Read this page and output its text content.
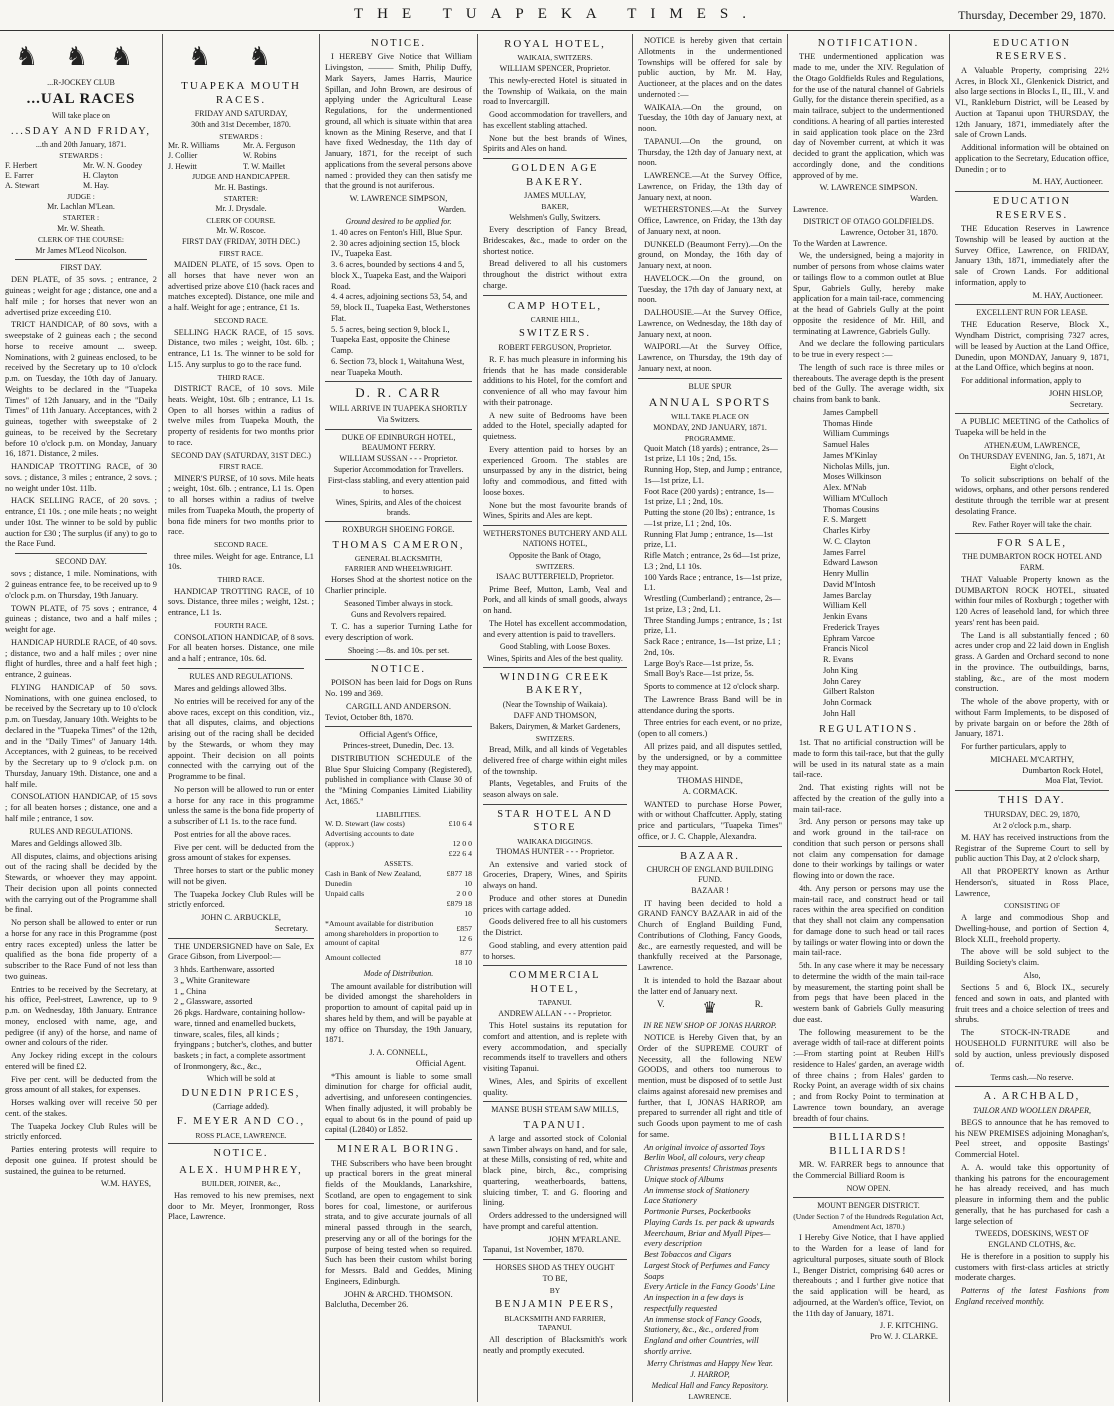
THE TUAPEKA TIMES.	Thursday, December 29, 1870.
♞ ♞ ♞
...R-JOCKEY CLUB
...UAL RACES
Will take place on
...SDAY AND FRIDAY,
...th and 20th January, 1871.
STEWARDS :
F. Herbert	Mr. W. N. Goodey
E. Farrer	H. Clayton
A. Stewart	M. Hay.
JUDGE :
Mr. Lachlan M'Lean.
STARTER :
Mr. W. Sheath.
CLERK OF THE COURSE:
Mr James M'Leod Nicolson.
FIRST DAY.

DEN PLATE, of 35 sovs. ; entrance, 2 guineas ; weight for age ; distance, one and a half mile ; for horses that never won an advertised prize exceeding £10.

TRICT HANDICAP, of 80 sovs, with a sweepstake of 2 guineas each ; the second horse to receive amount ... sweep. Nominations, with 2 guineas enclosed, to be received by the Secretary up to 10 o'clock p.m. on Tuesday, the 10th day of January. Weights to be declared in the "Tuapeka Times" of 12th January, and in the "Daily Times" of 11th January. Acceptances, with 2 guineas, together with sweepstake of 2 guineas, to be received by the Secretary before 10 o'clock p.m. on Monday, January 16, 1871. Distance, 2 miles.

HANDICAP TROTTING RACE, of 30 sovs. ; distance, 3 miles ; entrance, 2 sovs. ; no weight under 10st. 11lb.

HACK SELLING RACE, of 20 sovs. ; entrance, £1 10s. ; one mile heats ; no weight under 10st. The winner to be sold by public auction for £30 ; The surplus (if any) to go to the Race Fund.

SECOND DAY.

sovs ; distance, 1 mile. Nominations, with 2 guineas entrance fee, to be received up to 9 o'clock p.m. on Thursday, 19th January.

TOWN PLATE, of 75 sovs ; entrance, 4 guineas ; distance, two and a half miles ; weight for age.

HANDICAP HURDLE RACE, of 40 sovs. ; distance, two and a half miles ; over nine flight of hurdles, three and a half feet high ; entrance, 2 guineas.

FLYING HANDICAP of 50 sovs. Nominations, with one guinea enclosed, to be received by the Secretary up to 10 o'clock p.m. on Tuesday, January 10th. Weights to be declared in the "Tuapeka Times" of the 12th, and in the "Daily Times" of January 14th. Acceptances, with 2 guineas, to be received by the Secretary up to 9 o'clock p.m. on Thursday, January 19th. Distance, one and a half mile.

CONSOLATION HANDICAP, of 15 sovs ; for all beaten horses ; distance, one and a half mile ; entrance, 1 sov.

RULES AND REGULATIONS.

Mares and Geldings allowed 3lb.

All disputes, claims, and objections arising out of the racing shall be decided by the Stewards, or whoever they may appoint. Their decision upon all points connected with the carrying out of the Programme shall be final.

No person shall be allowed to enter or run a horse for any race in this Programme (post entry races excepted) unless the latter be qualified as the bona fide property of a subscriber to the Race Fund of not less than two guineas.

Entries to be received by the Secretary, at his office, Peel-street, Lawrence, up to 9 p.m. on Wednesday, 18th January. Entrance money, enclosed with name, age, and pedigree (if any) of the horse, and name of owner and colours of the rider.

Any Jockey riding except in the colours entered will be fined £2.

Five per cent. will be deducted from the gross amount of all stakes, for expenses.

Horses walking over will receive 50 per cent. of the stakes.

The Tuapeka Jockey Club Rules will be strictly enforced.

Parties entering protests will require to deposit one guinea. If protest should be sustained, the guinea to be returned.

W.M. HAYES,
♞ ♞
TUAPEKA MOUTH RACES.
FRIDAY AND SATURDAY,
30th and 31st December, 1870.
STEWARDS :
Mr. R. Williams	Mr. A. Ferguson
J. Collier	W. Robins
J. Hewitt	T. W. Maillet
JUDGE AND HANDICAPPER.
Mr. H. Bastings.
STARTER:
Mr. J. Drysdale.
CLERK OF COURSE.
Mr. W. Roscoe.
FIRST DAY (FRIDAY, 30TH DEC.)
FIRST RACE.

MAIDEN PLATE, of 15 sovs. Open to all horses that have never won an advertised prize above £10 (hack races and matches excepted). Distance, one mile and a half. Weight for age ; entrance, £1 1s.

SECOND RACE.

SELLING HACK RACE, of 15 sovs. Distance, two miles ; weight, 10st. 6lb. ; entrance, L1 1s. The winner to be sold for L15. Any surplus to go to the race fund.

THIRD RACE.

DISTRICT RACE, of 10 sovs. Mile heats. Weight, 10st. 6lb ; entrance, L1 1s. Open to all horses within a radius of twelve miles from Tuapeka Mouth, the property of residents for two months prior to race.

SECOND DAY (SATURDAY, 31ST DEC.)
FIRST RACE.

MINER'S PURSE, of 10 sovs. Mile heats ; weight, 10st. 6lb. ; entrance, L1 1s. Open to all horses within a radius of twelve miles from Tuapeka Mouth, the property of bona fide miners for two months prior to race.

SECOND RACE.

three miles. Weight for age. Entrance, L1 10s.

THIRD RACE.

HANDICAP TROTTING RACE, of 10 sovs. Distance, three miles ; weight, 12st. ; entrance, L1 1s.

FOURTH RACE.

CONSOLATION HANDICAP, of 8 sovs. For all beaten horses. Distance, one mile and a half ; entrance, 10s. 6d.

RULES AND REGULATIONS.

Mares and geldings allowed 3lbs.

No entries will be received for any of the above races, except on this condition, viz., that all disputes, claims, and objections arising out of the racing shall be decided by the Stewards, or whom they may appoint. Their decision on all points connected with the carrying out of the Programme to be final.

No person will be allowed to run or enter a horse for any race in this programme unless the same is the bona fide property of a subscriber of L1 1s. to the race fund.

Post entries for all the above races.

Five per cent. will be deducted from the gross amount of stakes for expenses.

Three horses to start or the public money will not be given.

The Tuapeka Jockey Club Rules will be strictly enforced.

JOHN C. ARBUCKLE,
Secretary.

THE UNDERSIGNED have on Sale, Ex Grace Gibson, from Liverpool:—

3 hhds. Earthenware, assorted
3 „ White Graniteware
1 „ China
2 „ Glassware, assorted
26 pkgs. Hardware, containing hollow-ware, tinned and enamelled buckets, tinware, scales, files, all kinds ; fryingpans ; butcher's, clothes, and butter baskets ; in fact, a complete assortment of Ironmongery, &c., &c.,
Which will be sold at
DUNEDIN PRICES,
(Carriage added).
F. MEYER AND CO.,
ROSS PLACE, LAWRENCE.
NOTICE.
ALEX. HUMPHREY,
BUILDER, JOINER, &c.,

Has removed to his new premises, next door to Mr. Meyer, Ironmonger, Ross Place, Lawrence.

NOTICE.

I HEREBY Give Notice that William Livingston, ——— Smith, Philip Duffy, Mark Sayers, James Harris, Maurice Spillan, and John Brown, are desirous of applying under the Agricultural Lease Regulations, for the undermentioned ground, all which is situate within that area known as the Mining Reserve, and that I have fixed Wednesday, the 11th day of January, 1871, for the receipt of such applications from the several persons above named : provided they can then satisfy me that the ground is not auriferous.

W. LAWRENCE SIMPSON,
Warden.
Ground desired to be applied for.
1. 40 acres on Fenton's Hill, Blue Spur.
2. 30 acres adjoining section 15, block IV., Tuapeka East.
3. 6 acres, bounded by sections 4 and 5, block X., Tuapeka East, and the Waipori Road.
4. 4 acres, adjoining sections 53, 54, and 59, block II., Tuapeka East, Wetherstones Flat.
5. 5 acres, being section 9, block I., Tuapeka East, opposite the Chinese Camp.
6. Section 73, block 1, Waitahuna West, near Tuapeka Mouth.
D. R. CARR
WILL ARRIVE IN TUAPEKA SHORTLY
Via Switzers.
DUKE OF EDINBURGH HOTEL, BEAUMONT FERRY.
WILLIAM SUSSAN - - - Proprietor.
Superior Accommodation for Travellers.
First-class stabling, and every attention paid to horses.
Wines, Spirits, and Ales of the choicest brands.
ROXBURGH SHOEING FORGE.
THOMAS CAMERON,
GENERAL BLACKSMITH,
FARRIER AND WHEELWRIGHT.

Horses Shod at the shortest notice on the Charlier principle.

Seasoned Timber always in stock.
Guns and Revolvers repaired.

T. C. has a superior Turning Lathe for every description of work.

Shoeing :—8s. and 10s. per set.
NOTICE.

POISON has been laid for Dogs on Runs No. 199 and 369.

CARGILL AND ANDERSON.
Teviot, October 8th, 1870.
Official Agent's Office,
Princes-street, Dunedin, Dec. 13.

DISTRIBUTION SCHEDULE of the Blue Spur Sluicing Company (Registered), published in compliance with Clause 30 of the "Mining Companies Limited Liability Act, 1865."

LIABILITIES.
W. D. Stewart (law costs)	£10 6 4
Advertising accounts to date	
(approx.)	12 0 0
	£22 6 4
ASSETS.
Cash in Bank of New Zealand, Dunedin	£877 18 10
Unpaid calls	2 0 0
	£879 18 10
*Amount available for distribution among shareholders in proportion to amount of capital	£857 12 6
Amount collected	877 18 10
Mode of Distribution.

The amount available for distribution will be divided amongst the shareholders in proportion to amount of capital paid up in shares held by them, and will be payable at my office on Thursday, the 19th January, 1871.

J. A. CONNELL,
Official Agent.

*This amount is liable to some small diminution for charge for official audit, advertising, and unforeseen contingencies. When finally adjusted, it will probably be equal to about 6s in the pound of paid up capital (L2840) or L852.

MINERAL BORING.

THE Subscribers who have been brought up practical borers in the great mineral fields of the Mouklands, Lanarkshire, Scotland, are open to engagement to sink bores for coal, limestone, or auriferous strata, and to give accurate journals of all mineral passed through in the search, preserving any or all of the borings for the purpose of being tested when so required. Such has been their custom whilst boring for Messrs. Bald and Geddes, Mining Engineers, Edinburgh.

JOHN & ARCHD. THOMSON.
Balclutha, December 26.
ROYAL HOTEL,
WAIKAIA, SWITZERS.
WILLIAM SPENCER, Proprietor.

This newly-erected Hotel is situated in the Township of Waikaia, on the main road to Invercargill.

Good accommodation for travellers, and has excellent stabling attached.

None but the best brands of Wines, Spirits and Ales on hand.

GOLDEN AGE BAKERY.
JAMES MULLAY,
BAKER,
Welshmen's Gully, Switzers.

Every description of Fancy Bread, Bridescakes, &c., made to order on the shortest notice.

Bread delivered to all his customers throughout the district without extra charge.

CAMP HOTEL,
CARNIE HILL,
SWITZERS.
ROBERT FERGUSON, Proprietor.

R. F. has much pleasure in informing his friends that he has made considerable additions to his Hotel, for the comfort and convenience of all who may favour him with their patronage.

A new suite of Bedrooms have been added to the Hotel, specially adapted for quietness.

Every attention paid to horses by an experienced Groom. The stables are unsurpassed by any in the district, being lofty and commodious, and fitted with loose boxes.

None but the most favourite brands of Wines, Spirits and Ales are kept.

WETHERSTONES BUTCHERY AND ALL NATIONS HOTEL,
Opposite the Bank of Otago,
SWITZERS.
ISAAC BUTTERFIELD, Proprietor.

Prime Beef, Mutton, Lamb, Veal and Pork, and all kinds of small goods, always on hand.

The Hotel has excellent accommodation, and every attention is paid to travellers.

Good Stabling, with Loose Boxes.
Wines, Spirits and Ales of the best quality.
WINDING CREEK BAKERY,
(Near the Township of Waikaia).
DAFF AND THOMSON,
Bakers, Dairymen, & Market Gardeners,
SWITZERS.

Bread, Milk, and all kinds of Vegetables delivered free of charge within eight miles of the township.

Plants, Vegetables, and Fruits of the season always on sale.

STAR HOTEL AND STORE
WAIKAKA DIGGINGS.
THOMAS HUNTER - - - Proprietor.

An extensive and varied stock of Groceries, Drapery, Wines, and Spirits always on hand.

Produce and other stores at Dunedin prices with cartage added.

Goods delivered free to all his customers the District.

Good stabling, and every attention paid to horses.

COMMERCIAL HOTEL,
TAPANUI.
ANDREW ALLAN - - - Proprietor.

This Hotel sustains its reputation for comfort and attention, and is replete with every accommodation, and specially recommends itself to travellers and others visiting Tapanui.

Wines, Ales, and Spirits of excellent quality.

MANSE BUSH STEAM SAW MILLS,
TAPANUI.

A large and assorted stock of Colonial sawn Timber always on hand, and for sale, at these Mills, consisting of red, white and black pine, birch, &c., comprising quartering, weatherboards, battens, sluicing timber, T. and G. flooring and lining.

Orders addressed to the undersigned will have prompt and careful attention.

JOHN M'FARLANE.
Tapanui, 1st November, 1870.
HORSES SHOD AS THEY OUGHT
TO BE,
BY
BENJAMIN PEERS,
BLACKSMITH AND FARRIER,
TAPANUI.

All description of Blacksmith's work neatly and promptly executed.

NOTICE is hereby given that certain Allotments in the undermentioned Townships will be offered for sale by public auction, by Mr. M. Hay, Auctioneer, at the places and on the dates undernoted :—

WAIKAIA.—On the ground, on Tuesday, the 10th day of January next, at noon.

TAPANUI.—On the ground, on Thursday, the 12th day of January next, at noon.

LAWRENCE.—At the Survey Office, Lawrence, on Friday, the 13th day of January next, at noon.

WETHERSTONES.—At the Survey Office, Lawrence, on Friday, the 13th day of January next, at noon.

DUNKELD (Beaumont Ferry).—On the ground, on Monday, the 16th day of January next, at noon.

HAVELOCK.—On the ground, on Tuesday, the 17th day of January next, at noon.

DALHOUSIE.—At the Survey Office, Lawrence, on Wednesday, the 18th day of January next, at noon.

WAIPORI.—At the Survey Office, Lawrence, on Thursday, the 19th day of January next, at noon.

BLUE SPUR
ANNUAL SPORTS
WILL TAKE PLACE ON
MONDAY, 2ND JANUARY, 1871.
PROGRAMME.
Quoit Match (18 yards) ; entrance, 2s— 1st prize, L1 10s ; 2nd, 15s.
Running Hop, Step, and Jump ; entrance, 1s—1st prize, L1.
Foot Race (200 yards) ; entrance, 1s— 1st prize, L1 ; 2nd, 10s.
Putting the stone (20 lbs) ; entrance, 1s —1st prize, L1 ; 2nd, 10s.
Running Flat Jump ; entrance, 1s—1st prize, L1.
Rifle Match ; entrance, 2s 6d—1st prize, L3 ; 2nd, L1 10s.
100 Yards Race ; entrance, 1s—1st prize, L1.
Wrestling (Cumberland) ; entrance, 2s— 1st prize, L3 ; 2nd, L1.
Three Standing Jumps ; entrance, 1s ; 1st prize, L1.
Sack Race ; entrance, 1s—1st prize, L1 ; 2nd, 10s.
Large Boy's Race—1st prize, 5s.
Small Boy's Race—1st prize, 5s.

Sports to commence at 12 o'clock sharp.

The Lawrence Brass Band will be in attendance during the sports.

Three entries for each event, or no prize, (open to all comers.)

All prizes paid, and all disputes settled, by the undersigned, or by a committee they may appoint.

THOMAS HINDE,
A. CORMACK.

WANTED to purchase Horse Power, with or without Chaffcutter. Apply, stating price and particulars, "Tuapeka Times" office, or J. C. Chapple, Alexandra.

BAZAAR.
CHURCH OF ENGLAND BUILDING FUND.
BAZAAR !

IT having been decided to hold a GRAND FANCY BAZAAR in aid of the Church of England Building Fund, Contributions of Clothing, Fancy Goods, &c., are earnestly requested, and will be thankfully received at the Parsonage, Lawrence.

It is intended to hold the Bazaar about the latter end of January next.

V. ♛	R.
IN RE NEW SHOP OF JONAS HARROP.

NOTICE is Hereby Given that, by an Order of the SUPREME COURT of Necessity, all the following NEW GOODS, and others too numerous to mention, must be disposed of to settle Just claims against aforesaid new premises and further, that I, JONAS HARROP, am prepared to surrender all right and title of such Goods upon payment to me of cash for same.

An original invoice of assorted Toys
Berlin Wool, all colours, very cheap
Christmas presents! Christmas presents
Unique stock of Albums
An immense stock of Stationery
Lace Stationery
Portmonie Purses, Pocketbooks
Playing Cards 1s. per pack & upwards
Meerchaum, Briar and Myall Pipes— every description
Best Tobaccos and Cigars
Largest Stock of Perfumes and Fancy Soaps
Every Article in the Fancy Goods' Line
An inspection in a few days is respectfully requested
An immense stock of Fancy Goods, Stationery, &c., &c., ordered from England and other Countries, will shortly arrive.
Merry Christmas and Happy New Year.
J. HARROP,
Medical Hall and Fancy Repository.
LAWRENCE.
NOTIFICATION.

THE undermentioned application was made to me, under the XIV. Regulation of the Otago Goldfields Rules and Regulations, for the use of the natural channel of Gabriels Gully, for the distance therein specified, as a main tailrace, subject to the undermentioned conditions. A hearing of all parties interested in said application took place on the 23rd day of November current, at which it was decided to grant the application, which was accordingly done, and the conditions approved of by me.

W. LAWRENCE SIMPSON.
Warden.
Lawrence.
DISTRICT OF OTAGO GOLDFIELDS.
Lawrence, October 31, 1870.
To the Warden at Lawrence.

We, the undersigned, being a majority in number of persons from whose claims water or tailings flow to a common outlet at Blue Spur, Gabriels Gully, hereby make application for a main tail-race, commencing at the head of Gabriels Gully at the point opposite the residence of Mr. Hill, and terminating at Lawrence, Gabriels Gully.

And we declare the following particulars to be true in every respect :—

The length of such race is three miles or thereabouts. The average depth is the present bed of the Gully. The average width, six chains from bank to bank.

James Campbell
Thomas Hinde
William Cummings
Samuel Hales
James M'Kinlay
Nicholas Mills, jun.
Moses Wilkinson
Alex. M'Nab
William M'Culloch
Thomas Cousins
F. S. Margett
Charles Kirby
W. C. Clayton
James Farrel
Edward Lawson
Henry Mullin
David M'Intosh
James Barclay
William Kell
Jenkin Evans
Frederick Trayes
Ephram Varcoe
Francis Nicol
R. Evans
John King
John Carey
Gilbert Ralston
John Cormack
John Hall
REGULATIONS.

1st. That no artificial construction will be made to form this tail-race, but that the gully will be used in its natural state as a main tail-race.

2nd. That existing rights will not be affected by the creation of the gully into a main tail-race.

3rd. Any person or persons may take up and work ground in the tail-race on condition that such person or persons shall not claim any compensation for damage done to their workings by tailings or water flowing into or down the race.

4th. Any person or persons may use the main-tail race, and construct head or tail races within the area specified on condition that they shall not claim any compensation for damage done to such head or tail races by tailings or water flowing into or down the main tail-race.

5th. In any case where it may be necessary to determine the width of the main tail-race by measurement, the starting point shall be from pegs that have been placed in the western bank of Gabriels Gully measuring due east.

The following measurement to be the average width of tail-race at different points :—From starting point at Reuben Hill's residence to Hales' garden, an average width of three chains ; from Hales' garden to Rocky Point, an average width of six chains ; and from Rocky Point to termination at Lawrence town boundary, an average breadth of four chains.

BILLIARDS! BILLIARDS!

MR. W. FARRER begs to announce that the Commercial Billiard Room is

NOW OPEN.
MOUNT BENGER DISTRICT.
(Under Section 7 of the Hundreds Regulation Act, Amendment Act, 1870.)

I Hereby Give Notice, that I have applied to the Warden for a lease of land for agricultural purposes, situate south of Block I., Benger District, comprising 640 acres or thereabouts ; and I further give notice that the said application will be heard, as adjourned, at the Warden's office, Teviot, on the 11th day of January, 1871.

J. F. KITCHING.
Pro W. J. CLARKE.
EDUCATION RESERVES.

A Valuable Property, comprising 22½ Acres, in Block XI., Glenkenick District, and also large sections in Blocks I., II., III., V. and VI., Rankleburn District, will be Leased by Auction at Tapanui upon THURSDAY, the 12th January, 1871, immediately after the sale of Crown Lands.

Additional information will be obtained on application to the Secretary, Education office, Dunedin ; or to

M. HAY, Auctioneer.
EDUCATION RESERVES.

THE Education Reserves in Lawrence Township will be leased by auction at the Survey Office, Lawrence, on FRIDAY, January 13th, 1871, immediately after the sale of Crown Lands. For additional information, apply to

M. HAY, Auctioneer.
EXCELLENT RUN FOR LEASE.

THE Education Reserve, Block X., Wyndham District, comprising 7327 acres, will be leased by Auction at the Land Office, Dunedin, upon MONDAY, January 9, 1871, at the Land Office, which begins at noon.

For additional information, apply to

JOHN HISLOP,
Secretary.

A PUBLIC MEETING of the Catholics of Tuapeka will be held in the

ATHENÆUM, LAWRENCE,
On THURSDAY EVENING, Jan. 5, 1871, At Eight o'clock,

To solicit subscriptions on behalf of the widows, orphans, and other persons rendered destitute through the terrible war at present desolating France.

Rev. Father Royer will take the chair.
FOR SALE,
THE DUMBARTON ROCK HOTEL AND FARM.

THAT Valuable Property known as the DUMBARTON ROCK HOTEL, situated within four miles of Roxburgh ; together with 120 Acres of leasehold land, for which three years' rent has been paid.

The Land is all substantially fenced ; 60 acres under crop and 22 laid down in English grass. A Garden and Orchard second to none in the province. The outbuildings, barns, stabling, &c., are of the most modern construction.

The whole of the above property, with or without Farm Implements, to be disposed of by private bargain on or before the 28th of January, 1871.

For further particulars, apply to

MICHAEL M'CARTHY,
Dumbarton Rock Hotel,
Moa Flat, Teviot.
THIS DAY.
THURSDAY, DEC. 29, 1870,
At 2 o'clock p.m., sharp.

M. HAY has received instructions from the Registrar of the Supreme Court to sell by public auction This Day, at 2 o'clock sharp,

All that PROPERTY known as Arthur Henderson's, situated in Ross Place, Lawrence,

CONSISTING OF

A large and commodious Shop and Dwelling-house, and portion of Section 4, Block XLII., freehold property.

The above will be sold subject to the Building Society's claim.

Also,

Sections 5 and 6, Block IX., securely fenced and sown in oats, and planted with fruit trees and a choice selection of trees and shrubs.

The STOCK-IN-TRADE and HOUSEHOLD FURNITURE will also be sold by auction, unless previously disposed of.

Terms cash.—No reserve.
A. ARCHBALD,
TAILOR AND WOOLLEN DRAPER,

BEGS to announce that he has removed to his NEW PREMISES adjoining Monaghan's, Peel street, and opposite Bastings' Commercial Hotel.

A. A. would take this opportunity of thanking his patrons for the encouragement he has already received, and has much pleasure in informing them and the public generally, that he has purchased for cash a large selection of

TWEEDS, DOESKINS, WEST OF ENGLAND CLOTHS, &c.

He is therefore in a position to supply his customers with first-class articles at strictly moderate charges.

Patterns of the latest Fashions from England received monthly.
